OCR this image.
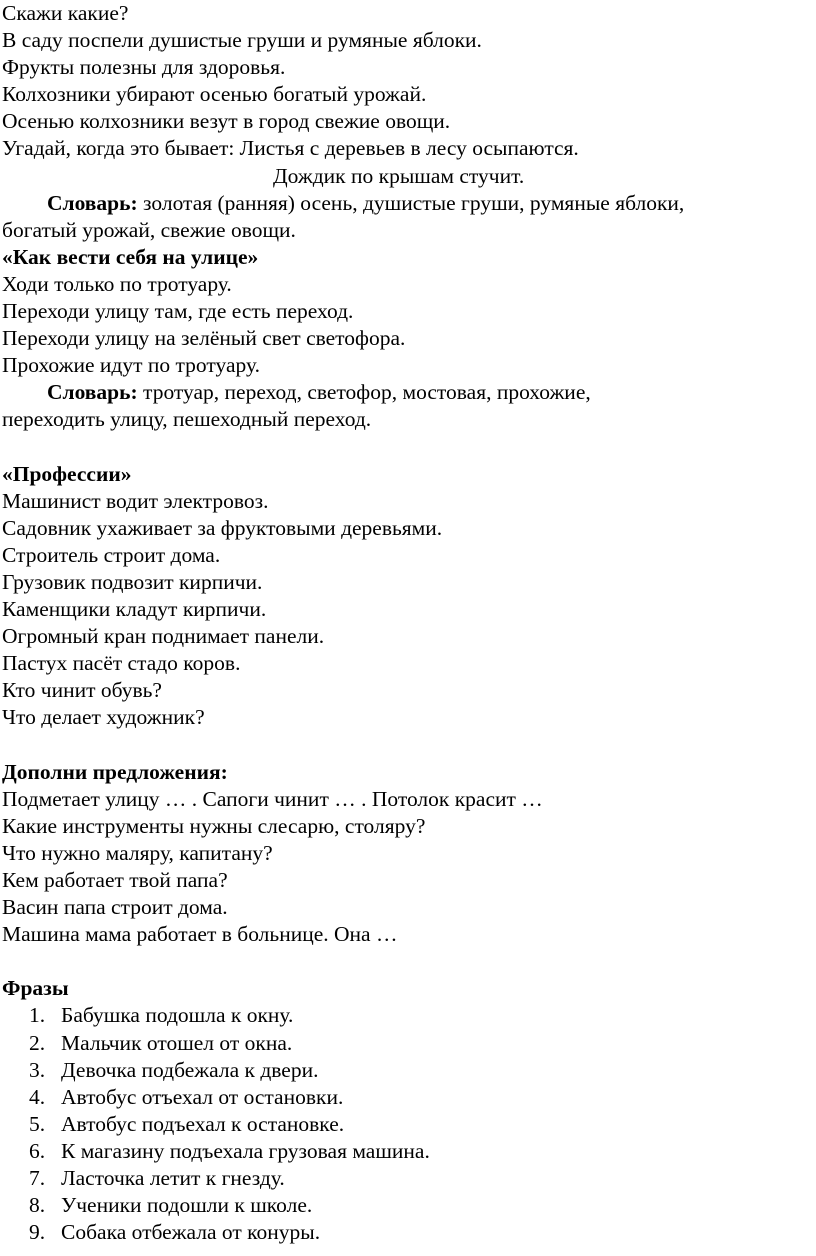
Скажи какие?
В саду поспели душистые груши и румяные яблоки.
Фрукты полезны для здоровья.
Колхозники убирают осенью богатый урожай.
Осенью колхозники везут в город свежие овощи.
Угадай, когда это бывает: Листья с деревьев в лесу осыпаются.
Дождик по крышам стучит.
Словарь: золотая (ранняя) осень, душистые груши, румяные яблоки,
богатый урожай, свежие овощи.
«Как вести себя на улице»
Ходи только по тротуару.
Переходи улицу там, где есть переход.
Переходи улицу на зелёный свет светофора.
Прохожие идут по тротуару.
Словарь: тротуар, переход, светофор, мостовая, прохожие,
переходить улицу, пешеходный переход.
«Профессии»
Машинист водит электровоз.
Садовник ухаживает за фруктовыми деревьями.
Строитель строит дома.
Грузовик подвозит кирпичи.
Каменщики кладут кирпичи.
Огромный кран поднимает панели.
Пастух пасёт стадо коров.
Кто чинит обувь?
Что делает художник?
Дополни предложения:
Подметает улицу … . Сапоги чинит … . Потолок красит …
Какие инструменты нужны слесарю, столяру?
Что нужно маляру, капитану?
Кем работает твой папа?
Васин папа строит дома.
Машина мама работает в больнице. Она …
Фразы
1. Бабушка подошла к окну.
2. Мальчик отошел от окна.
3. Девочка подбежала к двери.
4. Автобус отъехал от остановки.
5. Автобус подъехал к остановке.
6. К магазину подъехала грузовая машина.
7. Ласточка летит к гнезду.
8. Ученики подошли к школе.
9. Собака отбежала от конуры.
